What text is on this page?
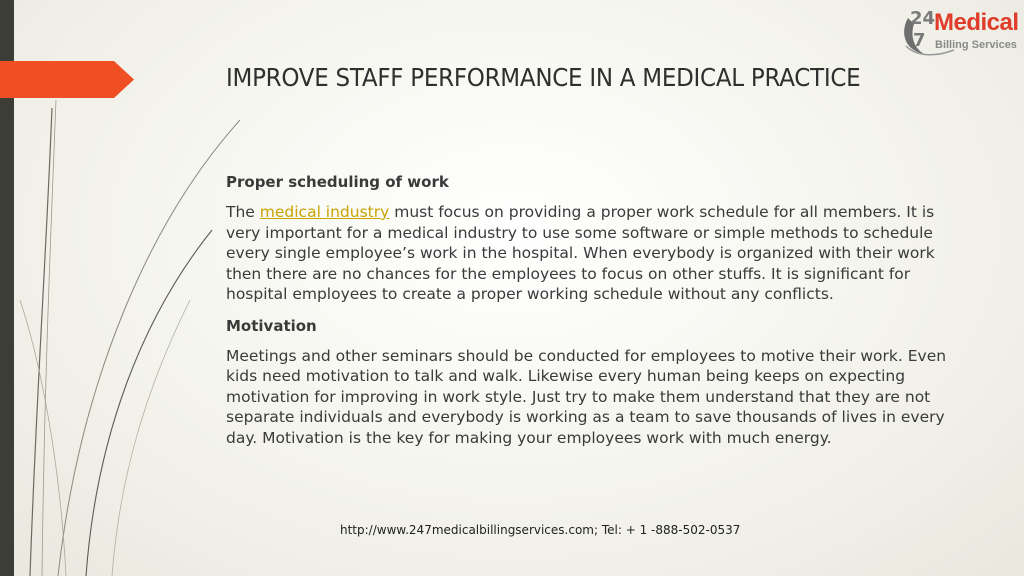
24
7
Medical
Billing Services
IMPROVE STAFF PERFORMANCE IN A MEDICAL PRACTICE

Proper scheduling of work

The medical industry must focus on providing a proper work schedule for all members. It is very important for a medical industry to use some software or simple methods to schedule every single employee’s work in the hospital. When everybody is organized with their work then there are no chances for the employees to focus on other stuffs. It is significant for hospital employees to create a proper working schedule without any conflicts.

Motivation

Meetings and other seminars should be conducted for employees to motive their work. Even kids need motivation to talk and walk. Likewise every human being keeps on expecting motivation for improving in work style. Just try to make them understand that they are not separate individuals and everybody is working as a team to save thousands of lives in every day. Motivation is the key for making your employees work with much energy.

http://www.247medicalbillingservices.com; Tel: + 1 -888-502-0537
